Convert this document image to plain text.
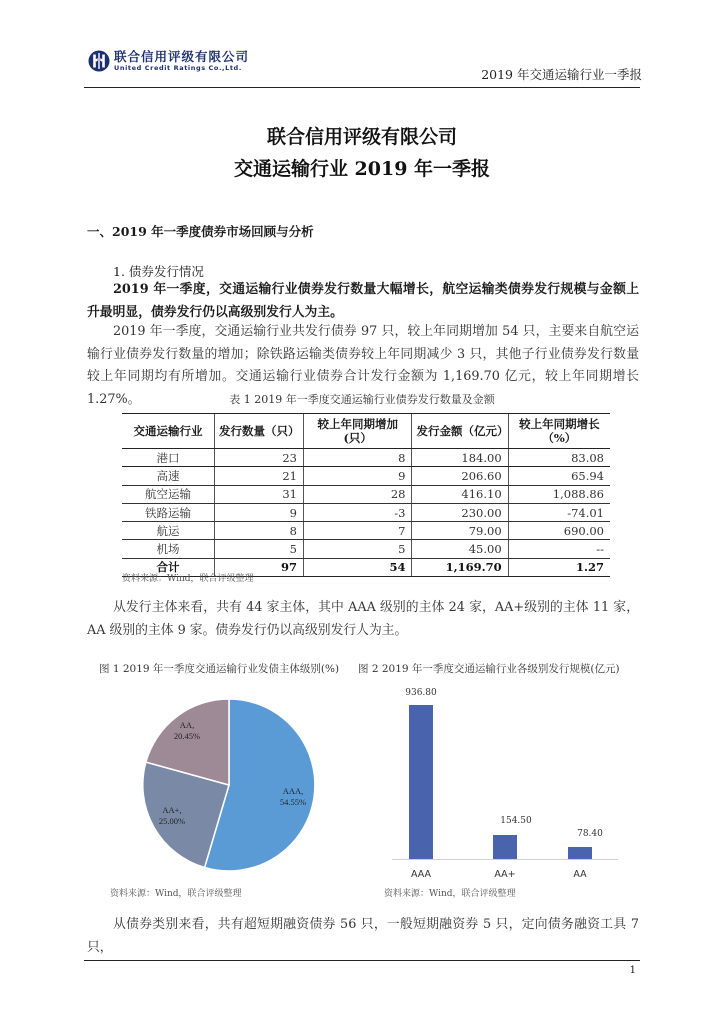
联合信用评级有限公司
United Credit Ratings Co.,Ltd.	2019 年交通运输行业一季报
联合信用评级有限公司
交通运输行业 2019 年一季报
一、2019 年一季度债券市场回顾与分析
1. 债券发行情况
2019 年一季度，交通运输行业债券发行数量大幅增长，航空运输类债券发行规模与金额上升最明显，债券发行仍以高级别发行人为主。
2019 年一季度，交通运输行业共发行债券 97 只，较上年同期增加 54 只，主要来自航空运输行业债券发行数量的增加；除铁路运输类债券较上年同期减少 3 只，其他子行业债券发行数量较上年同期均有所增加。交通运输行业债券合计发行金额为 1,169.70 亿元，较上年同期增长 1.27%。	表 1 2019 年一季度交通运输行业债券发行数量及金额
交通运输行业	发行数量（只）	较上年同期增加(只）	发行金额（亿元）	较上年同期增长（%）
港口	23	8	184.00	83.08
高速	21	9	206.60	65.94
航空运输	31	28	416.10	1,088.86
铁路运输	9	-3	230.00	-74.01
航运	8	7	79.00	690.00
机场	5	5	45.00	--
合计	97	54	1,169.70	1.27
资料来源：Wind，联合评级整理
从发行主体来看，共有 44 家主体，其中 AAA 级别的主体 24 家，AA+级别的主体 11 家，AA 级别的主体 9 家。债券发行仍以高级别发行人为主。
图 1 2019 年一季度交通运输行业发债主体级别(%) 图 2 2019 年一季度交通运输行业各级别发行规模(亿元)
AAA,
54.55%
AA+,
25.00%
AA,
20.45%
936.80
154.50
78.40
AAA	AA+	AA
资料来源：Wind，联合评级整理	资料来源：Wind，联合评级整理
从债券类别来看，共有超短期融资债券 56 只，一般短期融资券 5 只，定向债务融资工具 7 只，
1
